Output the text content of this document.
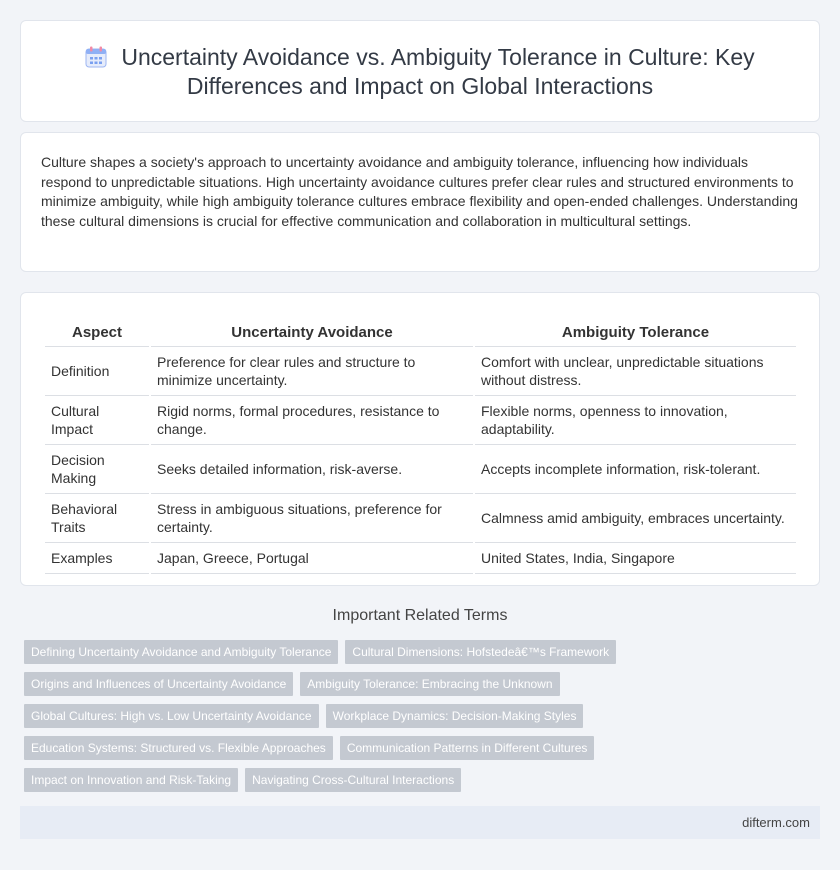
Uncertainty Avoidance vs. Ambiguity Tolerance in Culture: Key Differences and Impact on Global Interactions

Culture shapes a society's approach to uncertainty avoidance and ambiguity tolerance, influencing how individuals respond to unpredictable situations. High uncertainty avoidance cultures prefer clear rules and structured environments to minimize ambiguity, while high ambiguity tolerance cultures embrace flexibility and open-ended challenges. Understanding these cultural dimensions is crucial for effective communication and collaboration in multicultural settings.

Aspect	Uncertainty Avoidance	Ambiguity Tolerance
Definition	Preference for clear rules and structure to minimize uncertainty.	Comfort with unclear, unpredictable situations without distress.
Cultural Impact	Rigid norms, formal procedures, resistance to change.	Flexible norms, openness to innovation, adaptability.
Decision Making	Seeks detailed information, risk-averse.	Accepts incomplete information, risk-tolerant.
Behavioral Traits	Stress in ambiguous situations, preference for certainty.	Calmness amid ambiguity, embraces uncertainty.
Examples	Japan, Greece, Portugal	United States, India, Singapore
Important Related Terms
Defining Uncertainty Avoidance and Ambiguity Tolerance Cultural Dimensions: Hofstedeâ€™s Framework
Origins and Influences of Uncertainty Avoidance Ambiguity Tolerance: Embracing the Unknown
Global Cultures: High vs. Low Uncertainty Avoidance Workplace Dynamics: Decision-Making Styles
Education Systems: Structured vs. Flexible Approaches Communication Patterns in Different Cultures
Impact on Innovation and Risk-Taking Navigating Cross-Cultural Interactions
difterm.com
